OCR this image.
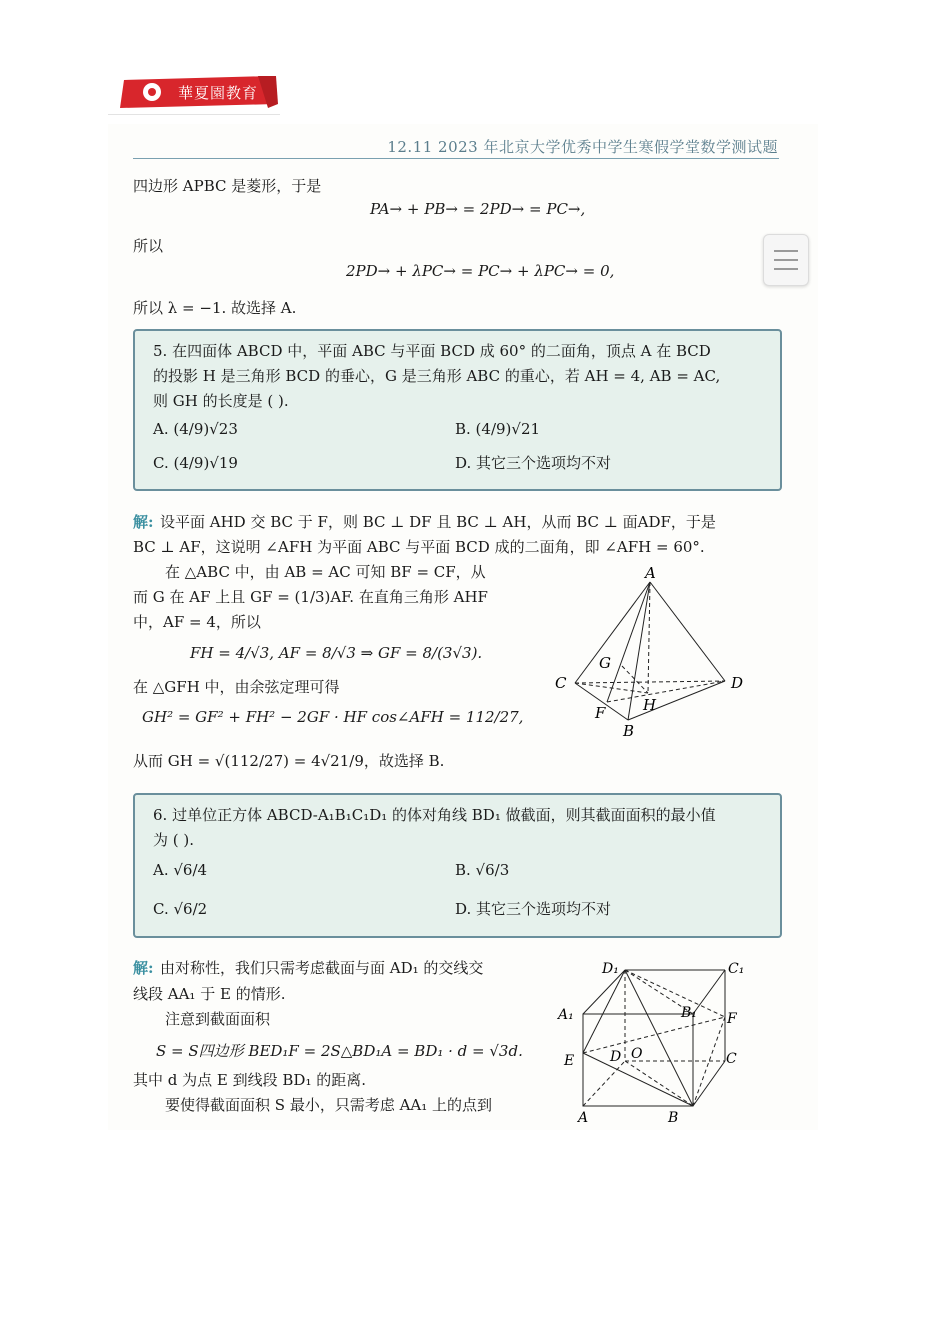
華夏園教育
12.11 2023 年北京大学优秀中学生寒假学堂数学测试题
四边形 APBC 是菱形，于是
PA→ + PB→ = 2PD→ = PC→,
所以
2PD→ + λPC→ = PC→ + λPC→ = 0,
所以 λ = −1. 故选择 A.
5. 在四面体 ABCD 中，平面 ABC 与平面 BCD 成 60° 的二面角，顶点 A 在 BCD
的投影 H 是三角形 BCD 的垂心，G 是三角形 ABC 的重心，若 AH = 4, AB = AC,
则 GH 的长度是 ( ).
A. (4/9)√23	B. (4/9)√21
C. (4/9)√19	D. 其它三个选项均不对
解: 设平面 AHD 交 BC 于 F，则 BC ⊥ DF 且 BC ⊥ AH，从而 BC ⊥ 面ADF，于是
BC ⊥ AF，这说明 ∠AFH 为平面 ABC 与平面 BCD 成的二面角，即 ∠AFH = 60°.
在 △ABC 中，由 AB = AC 可知 BF = CF，从
而 G 在 AF 上且 GF = (1/3)AF. 在直角三角形 AHF
中，AF = 4，所以
FH = 4/√3, AF = 8/√3 ⇒ GF = 8/(3√3).
在 △GFH 中，由余弦定理可得
GH² = GF² + FH² − 2GF · HF cos∠AFH = 112/27,
从而 GH = √(112/27) = 4√21/9，故选择 B.
A
G
C	D
F	H
B
6. 过单位正方体 ABCD-A₁B₁C₁D₁ 的体对角线 BD₁ 做截面，则其截面面积的最小值
为 ( ).
A. √6/4	B. √6/3
C. √6/2	D. 其它三个选项均不对
解: 由对称性，我们只需考虑截面与面 AD₁ 的交线交
线段 AA₁ 于 E 的情形.
注意到截面面积
S = S四边形 BED₁F = 2S△BD₁A = BD₁ · d = √3d.
其中 d 为点 E 到线段 BD₁ 的距离.
要使得截面面积 S 最小，只需考虑 AA₁ 上的点到
D₁	C₁
A₁	B₁ F
E	D O	C
A	B
